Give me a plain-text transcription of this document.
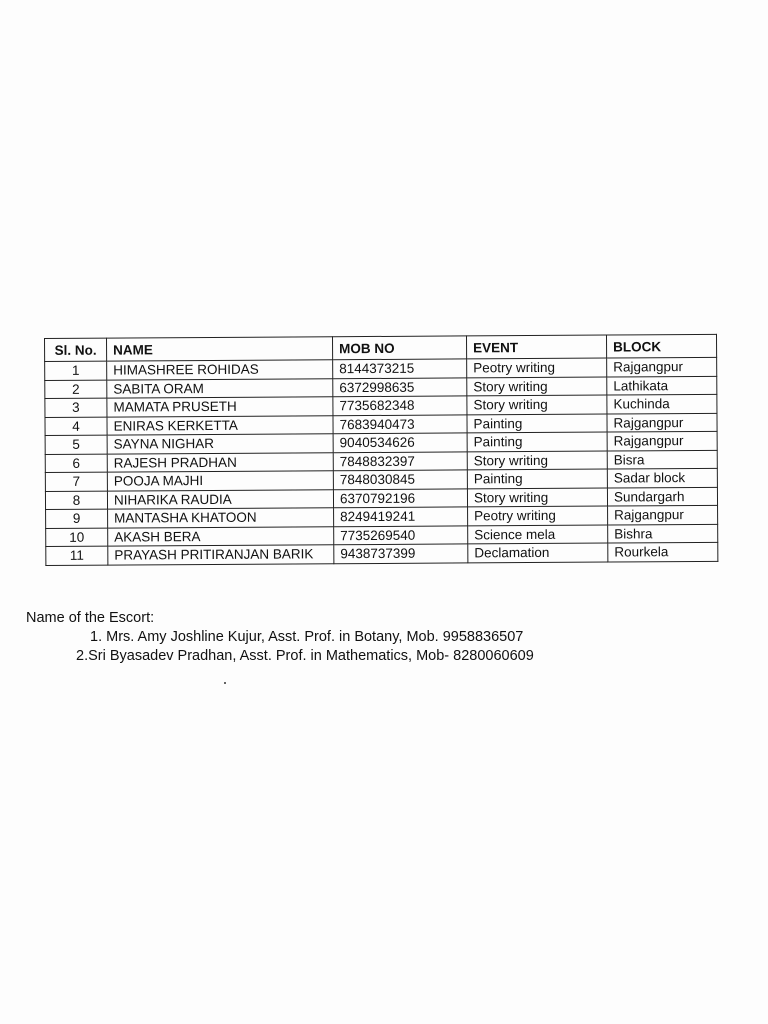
Sl. No.	NAME	MOB NO	EVENT	BLOCK
1	HIMASHREE ROHIDAS	8144373215	Peotry writing	Rajgangpur
2	SABITA ORAM	6372998635	Story writing	Lathikata
3	MAMATA PRUSETH	7735682348	Story writing	Kuchinda
4	ENIRAS KERKETTA	7683940473	Painting	Rajgangpur
5	SAYNA NIGHAR	9040534626	Painting	Rajgangpur
6	RAJESH PRADHAN	7848832397	Story writing	Bisra
7	POOJA MAJHI	7848030845	Painting	Sadar block
8	NIHARIKA RAUDIA	6370792196	Story writing	Sundargarh
9	MANTASHA KHATOON	8249419241	Peotry writing	Rajgangpur
10	AKASH BERA	7735269540	Science mela	Bishra
11	PRAYASH PRITIRANJAN BARIK	9438737399	Declamation	Rourkela
Name of the Escort:
1. Mrs. Amy Joshline Kujur, Asst. Prof. in Botany, Mob. 9958836507
2.Sri Byasadev Pradhan, Asst. Prof. in Mathematics, Mob- 8280060609
